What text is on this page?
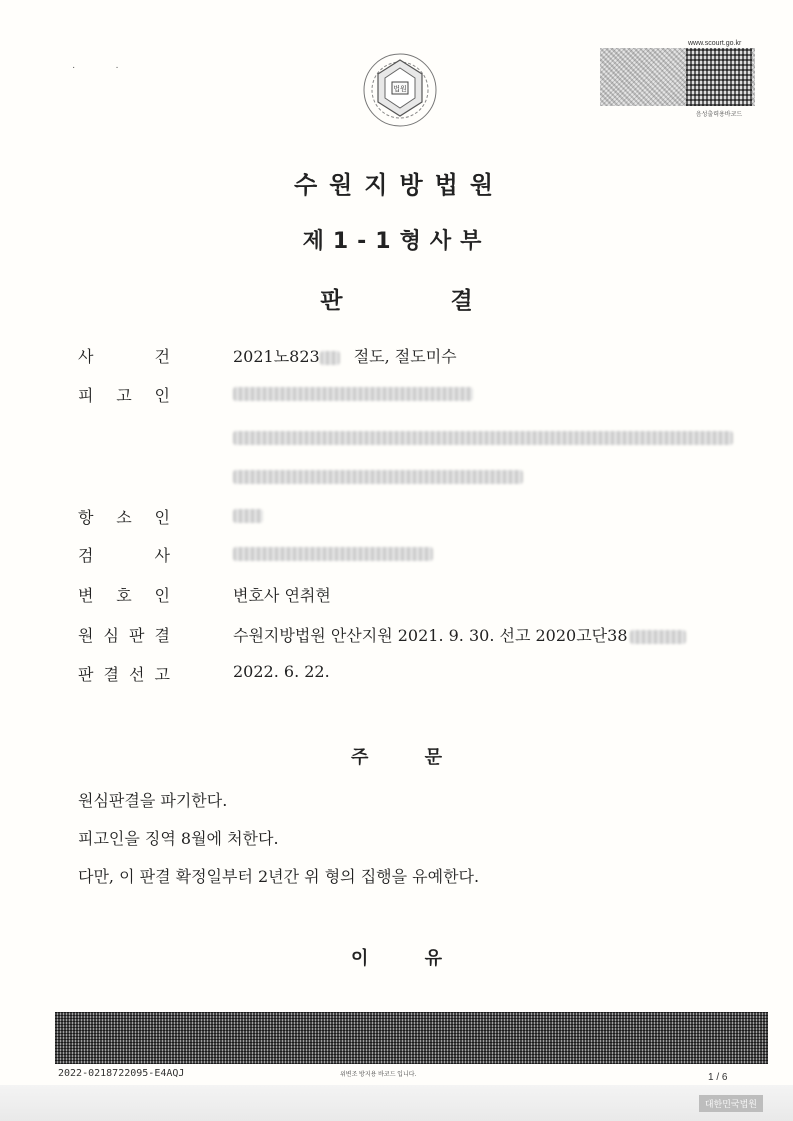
··
법원
www.scourt.go.kr
음성출력용바코드
수원지방법원
제1-1형사부
판 결
사	건	2021노823 절도, 절도미수
피 고 인
항 소 인
검	사
변 호 인	변호사 연취현
원 심 판 결	수원지방법원 안산지원 2021. 9. 30. 선고 2020고단38
판 결 선 고	2022. 6. 22.
주 문
원심판결을 파기한다.
피고인을 징역 8월에 처한다.
다만, 이 판결 확정일부터 2년간 위 형의 집행을 유예한다.
이 유
2022-0218722095-E4AQJ	위변조 방지용 바코드 입니다.	1 / 6
대한민국법원
